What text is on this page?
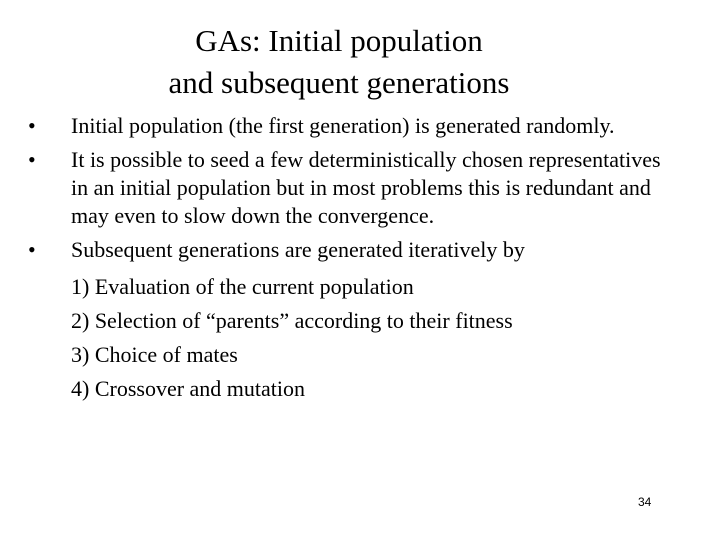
GAs: Initial population
and subsequent generations
• Initial population (the first generation) is generated randomly.
• It is possible to seed a few deterministically chosen representatives in an initial population but in most problems this is redundant and may even to slow down the convergence.
• Subsequent generations are generated iteratively by
1) Evaluation of the current population
2) Selection of “parents” according to their fitness
3) Choice of mates
4) Crossover and mutation
34
